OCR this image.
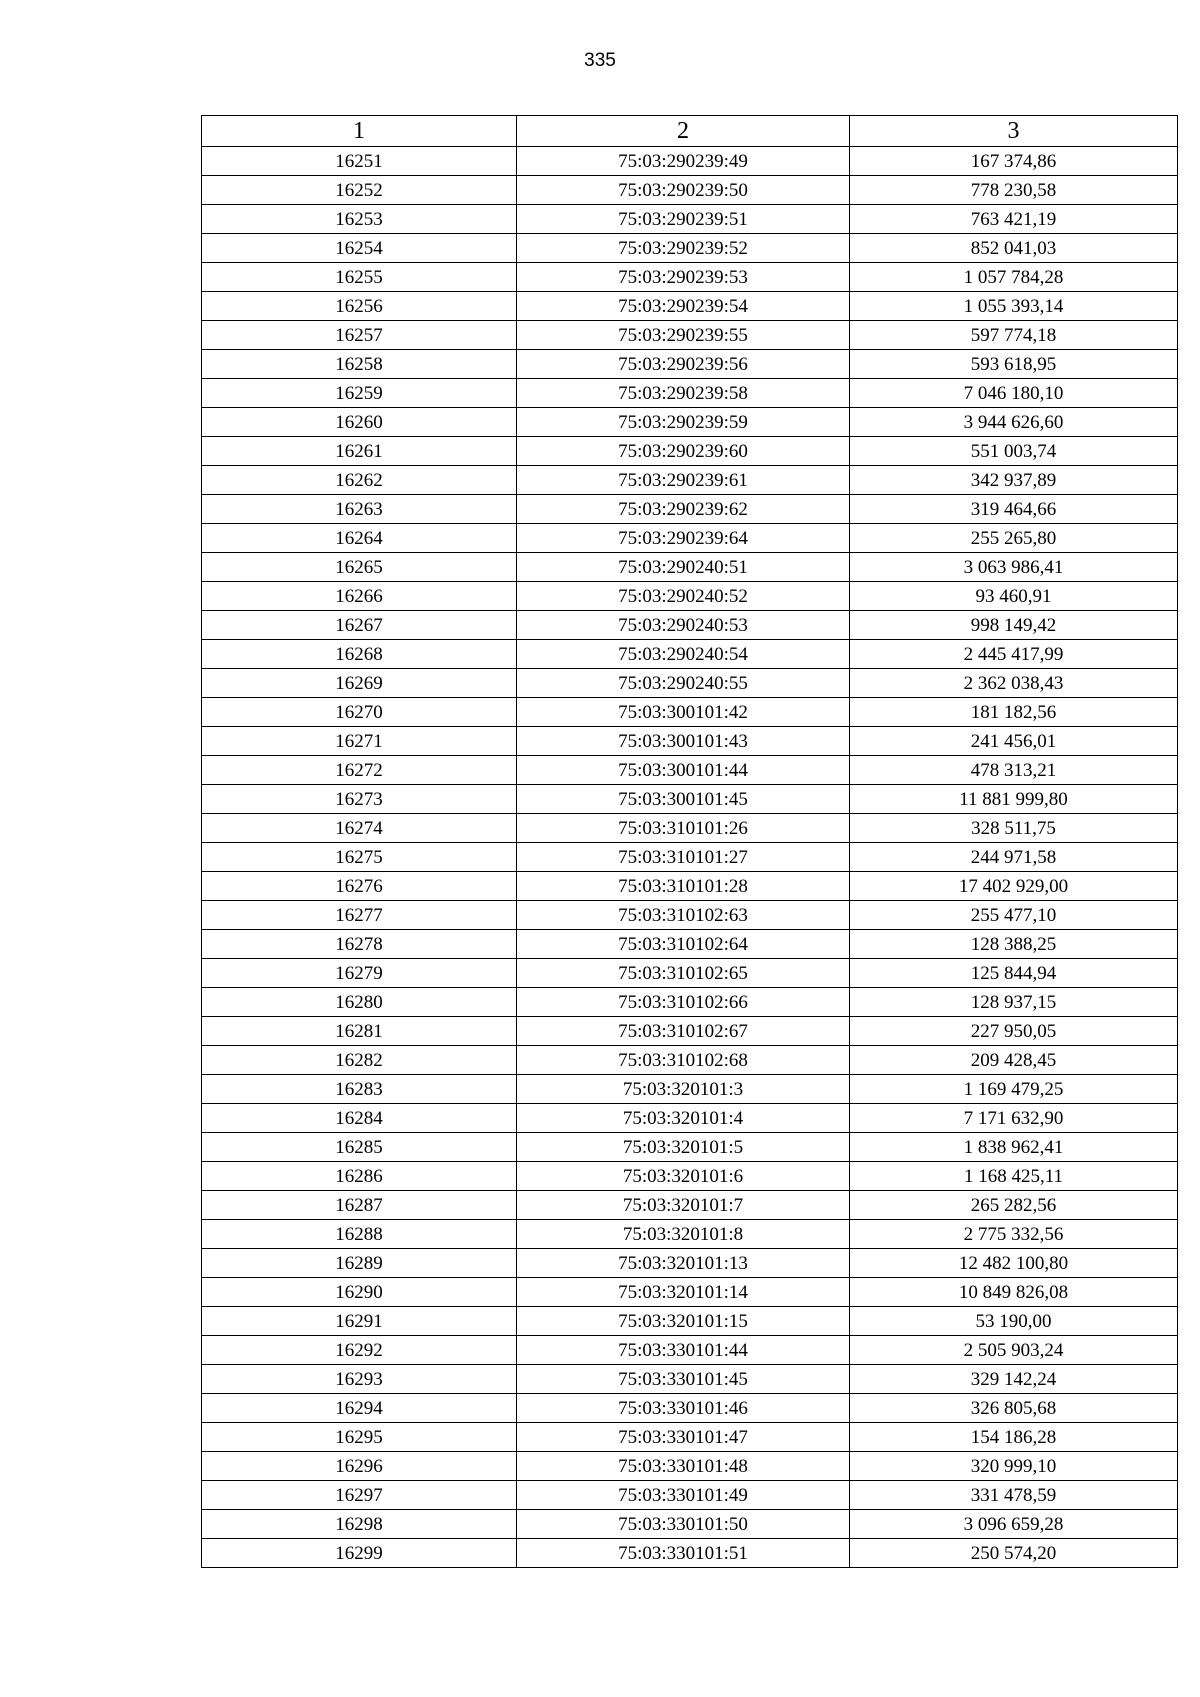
335
1	2	3
16251	75:03:290239:49	167 374,86
16252	75:03:290239:50	778 230,58
16253	75:03:290239:51	763 421,19
16254	75:03:290239:52	852 041,03
16255	75:03:290239:53	1 057 784,28
16256	75:03:290239:54	1 055 393,14
16257	75:03:290239:55	597 774,18
16258	75:03:290239:56	593 618,95
16259	75:03:290239:58	7 046 180,10
16260	75:03:290239:59	3 944 626,60
16261	75:03:290239:60	551 003,74
16262	75:03:290239:61	342 937,89
16263	75:03:290239:62	319 464,66
16264	75:03:290239:64	255 265,80
16265	75:03:290240:51	3 063 986,41
16266	75:03:290240:52	93 460,91
16267	75:03:290240:53	998 149,42
16268	75:03:290240:54	2 445 417,99
16269	75:03:290240:55	2 362 038,43
16270	75:03:300101:42	181 182,56
16271	75:03:300101:43	241 456,01
16272	75:03:300101:44	478 313,21
16273	75:03:300101:45	11 881 999,80
16274	75:03:310101:26	328 511,75
16275	75:03:310101:27	244 971,58
16276	75:03:310101:28	17 402 929,00
16277	75:03:310102:63	255 477,10
16278	75:03:310102:64	128 388,25
16279	75:03:310102:65	125 844,94
16280	75:03:310102:66	128 937,15
16281	75:03:310102:67	227 950,05
16282	75:03:310102:68	209 428,45
16283	75:03:320101:3	1 169 479,25
16284	75:03:320101:4	7 171 632,90
16285	75:03:320101:5	1 838 962,41
16286	75:03:320101:6	1 168 425,11
16287	75:03:320101:7	265 282,56
16288	75:03:320101:8	2 775 332,56
16289	75:03:320101:13	12 482 100,80
16290	75:03:320101:14	10 849 826,08
16291	75:03:320101:15	53 190,00
16292	75:03:330101:44	2 505 903,24
16293	75:03:330101:45	329 142,24
16294	75:03:330101:46	326 805,68
16295	75:03:330101:47	154 186,28
16296	75:03:330101:48	320 999,10
16297	75:03:330101:49	331 478,59
16298	75:03:330101:50	3 096 659,28
16299	75:03:330101:51	250 574,20
